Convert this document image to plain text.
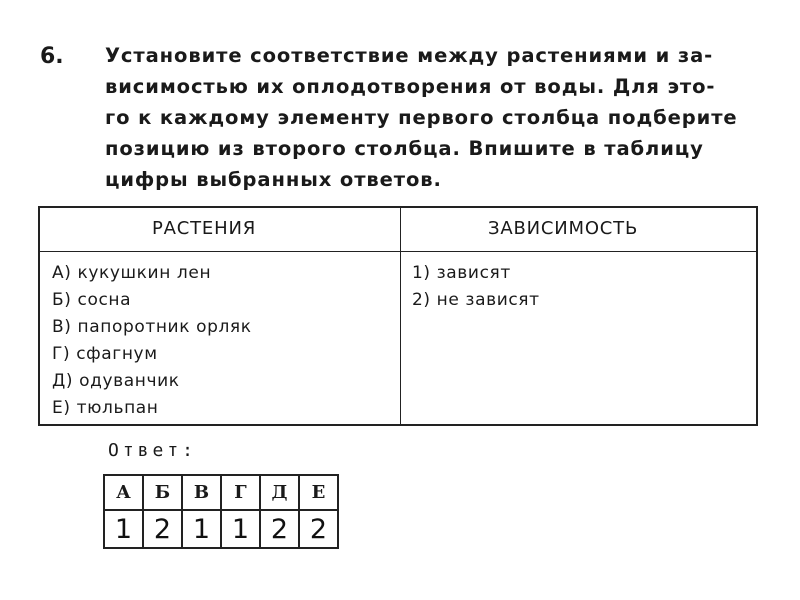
6. Установите соответствие между растениями и за-
висимостью их оплодотворения от воды. Для это-
го к каждому элементу первого столбца подберите
позицию из второго столбца. Впишите в таблицу
цифры выбранных ответов.

РАСТЕНИЯ	ЗАВИСИМОСТЬ
А) кукушкин лен
Б) сосна
В) папоротник орляк
Г) сфагнум
Д) одуванчик
Е) тюльпан
1) зависят
2) не зависят
Ответ:
А	Б	В	Г	Д	Е
1	2	1	1	2	2
